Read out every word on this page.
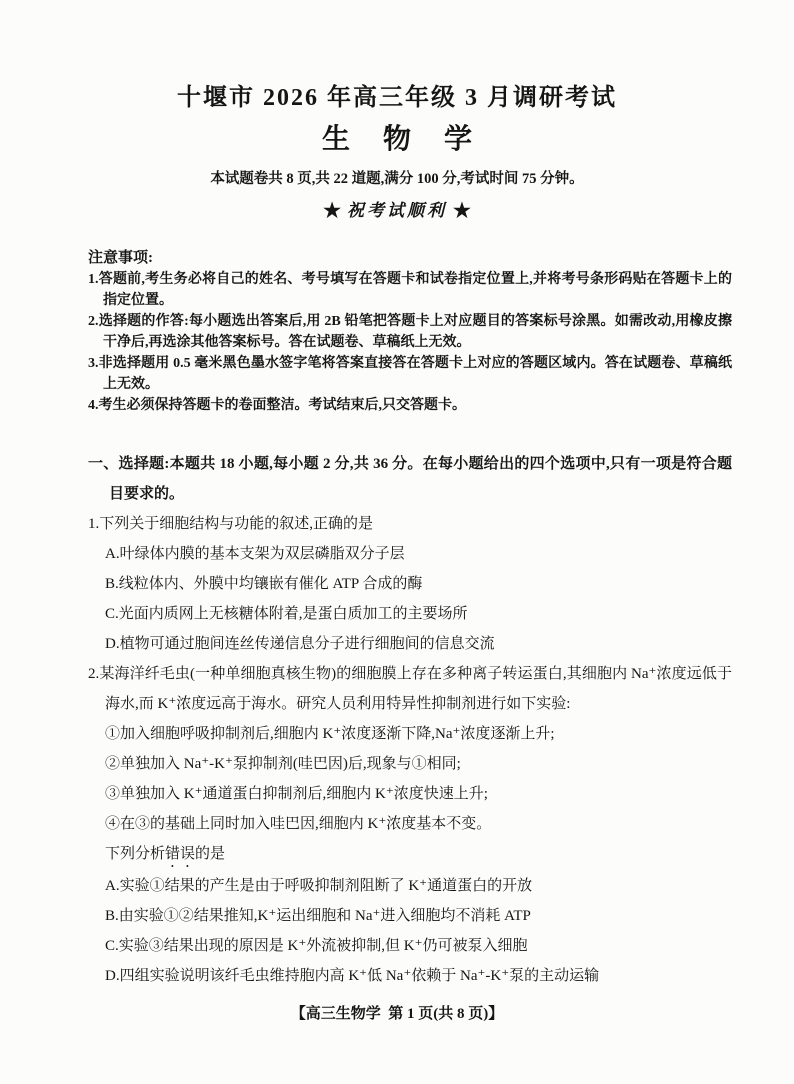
十堰市 2026 年高三年级 3 月调研考试
生物学
本试题卷共 8 页,共 22 道题,满分 100 分,考试时间 75 分钟。
★ 祝考试顺利 ★
注意事项:
1.答题前,考生务必将自己的姓名、考号填写在答题卡和试卷指定位置上,并将考号条形码贴在答题卡上的指定位置。
2.选择题的作答:每小题选出答案后,用 2B 铅笔把答题卡上对应题目的答案标号涂黑。如需改动,用橡皮擦干净后,再选涂其他答案标号。答在试题卷、草稿纸上无效。
3.非选择题用 0.5 毫米黑色墨水签字笔将答案直接答在答题卡上对应的答题区域内。答在试题卷、草稿纸上无效。
4.考生必须保持答题卡的卷面整洁。考试结束后,只交答题卡。
一、选择题:本题共 18 小题,每小题 2 分,共 36 分。在每小题给出的四个选项中,只有一项是符合题目要求的。
1.下列关于细胞结构与功能的叙述,正确的是
A.叶绿体内膜的基本支架为双层磷脂双分子层
B.线粒体内、外膜中均镶嵌有催化 ATP 合成的酶
C.光面内质网上无核糖体附着,是蛋白质加工的主要场所
D.植物可通过胞间连丝传递信息分子进行细胞间的信息交流
2.某海洋纤毛虫(一种单细胞真核生物)的细胞膜上存在多种离子转运蛋白,其细胞内 Na⁺浓度远低于海水,而 K⁺浓度远高于海水。研究人员利用特异性抑制剂进行如下实验:
①加入细胞呼吸抑制剂后,细胞内 K⁺浓度逐渐下降,Na⁺浓度逐渐上升;
②单独加入 Na⁺-K⁺泵抑制剂(哇巴因)后,现象与①相同;
③单独加入 K⁺通道蛋白抑制剂后,细胞内 K⁺浓度快速上升;
④在③的基础上同时加入哇巴因,细胞内 K⁺浓度基本不变。
下列分析错误的是
A.实验①结果的产生是由于呼吸抑制剂阻断了 K⁺通道蛋白的开放
B.由实验①②结果推知,K⁺运出细胞和 Na⁺进入细胞均不消耗 ATP
C.实验③结果出现的原因是 K⁺外流被抑制,但 K⁺仍可被泵入细胞
D.四组实验说明该纤毛虫维持胞内高 K⁺低 Na⁺依赖于 Na⁺-K⁺泵的主动运输
【高三生物学  第 1 页(共 8 页)】
